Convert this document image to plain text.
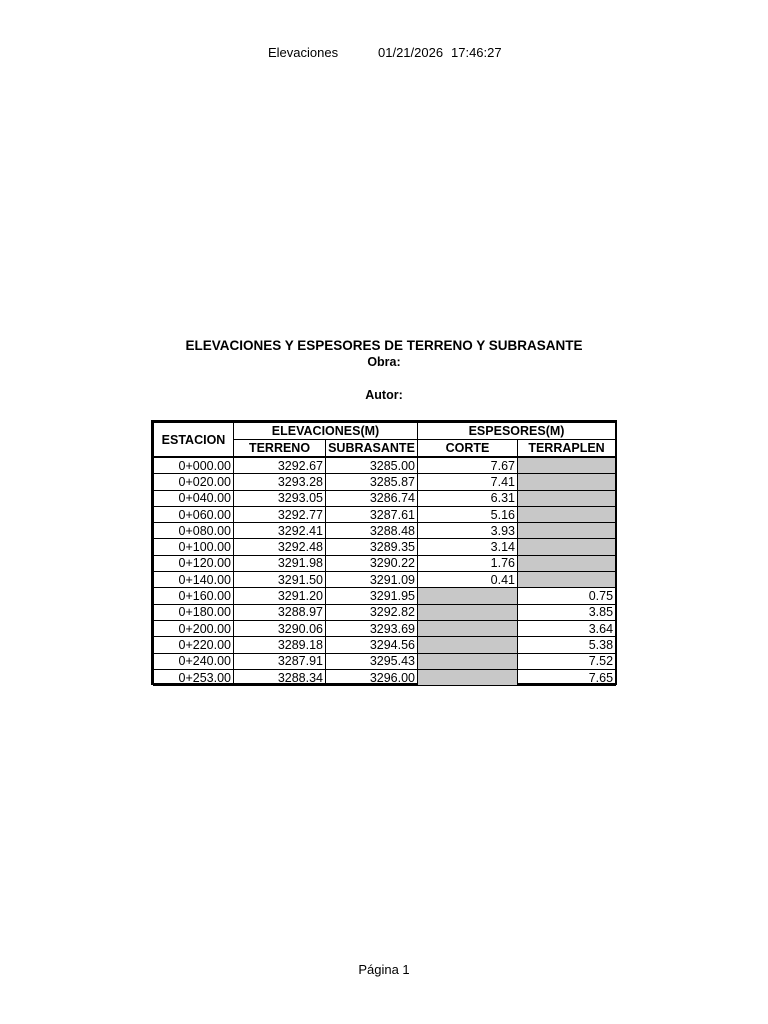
Elevaciones	01/21/2026 17:46:27
ELEVACIONES Y ESPESORES DE TERRENO Y SUBRASANTE
Obra:
Autor:
ESTACION	ELEVACIONES(M)		ESPESORES(M)	
	TERRENO	SUBRASANTE	CORTE	TERRAPLEN
0+000.00	3292.67	3285.00	7.67	
0+020.00	3293.28	3285.87	7.41	
0+040.00	3293.05	3286.74	6.31	
0+060.00	3292.77	3287.61	5.16	
0+080.00	3292.41	3288.48	3.93	
0+100.00	3292.48	3289.35	3.14	
0+120.00	3291.98	3290.22	1.76	
0+140.00	3291.50	3291.09	0.41	
0+160.00	3291.20	3291.95		0.75
0+180.00	3288.97	3292.82		3.85
0+200.00	3290.06	3293.69		3.64
0+220.00	3289.18	3294.56		5.38
0+240.00	3287.91	3295.43		7.52
0+253.00	3288.34	3296.00		7.65
Página 1
